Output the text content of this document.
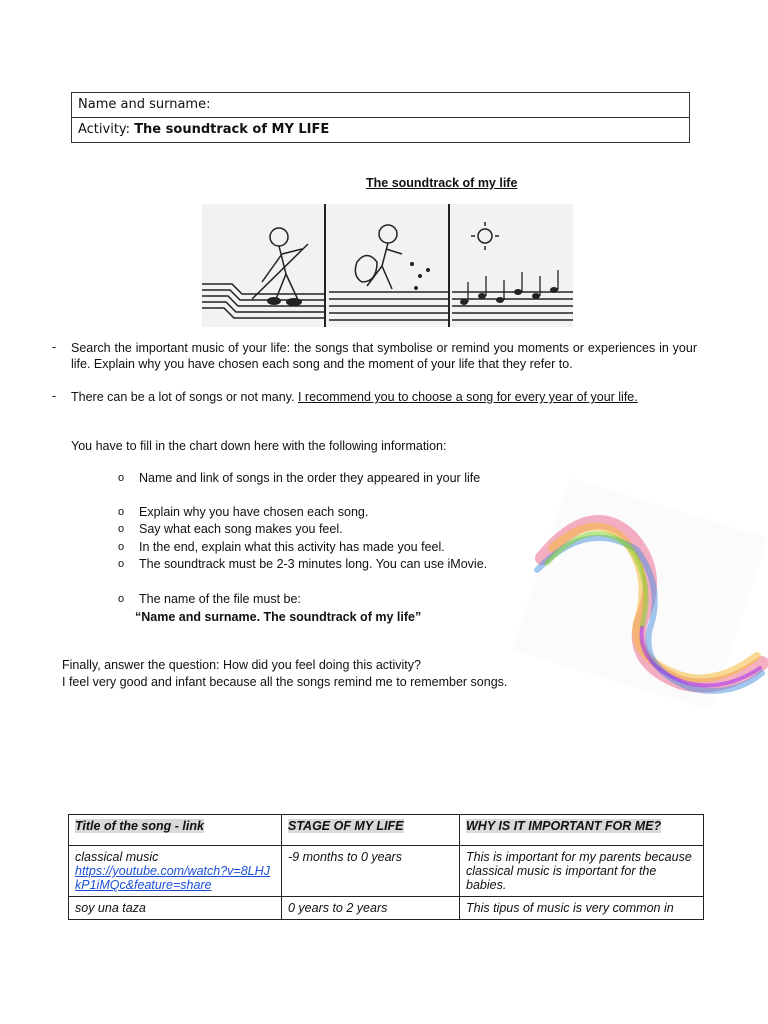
Name and surname:
Activity: The soundtrack of MY LIFE
The soundtrack of my life
- Search the important music of your life: the songs that symbolise or remind you moments or experiences in your life. Explain why you have chosen each song and the moment of your life that they refer to.
- There can be a lot of songs or not many. I recommend you to choose a song for every year of your life.
You have to fill in the chart down here with the following information:
o Name and link of songs in the order they appeared in your life
o Explain why you have chosen each song.
o Say what each song makes you feel.
o In the end, explain what this activity has made you feel.
o The soundtrack must be 2-3 minutes long. You can use iMovie.
o The name of the file must be:
“Name and surname. The soundtrack of my life”
Finally, answer the question: How did you feel doing this activity?
I feel very good and infant because all the songs remind me to remember songs.
Title of the song - link	STAGE OF MY LIFE	WHY IS IT IMPORTANT FOR ME?

classical music
https://youtube.com/watch?v=8LHJkP1iMQc&feature=share	-9 months to 0 years	This is important for my parents because classical music is important for the babies.

soy una taza	0 years to 2 years	This tipus of music is very common in
